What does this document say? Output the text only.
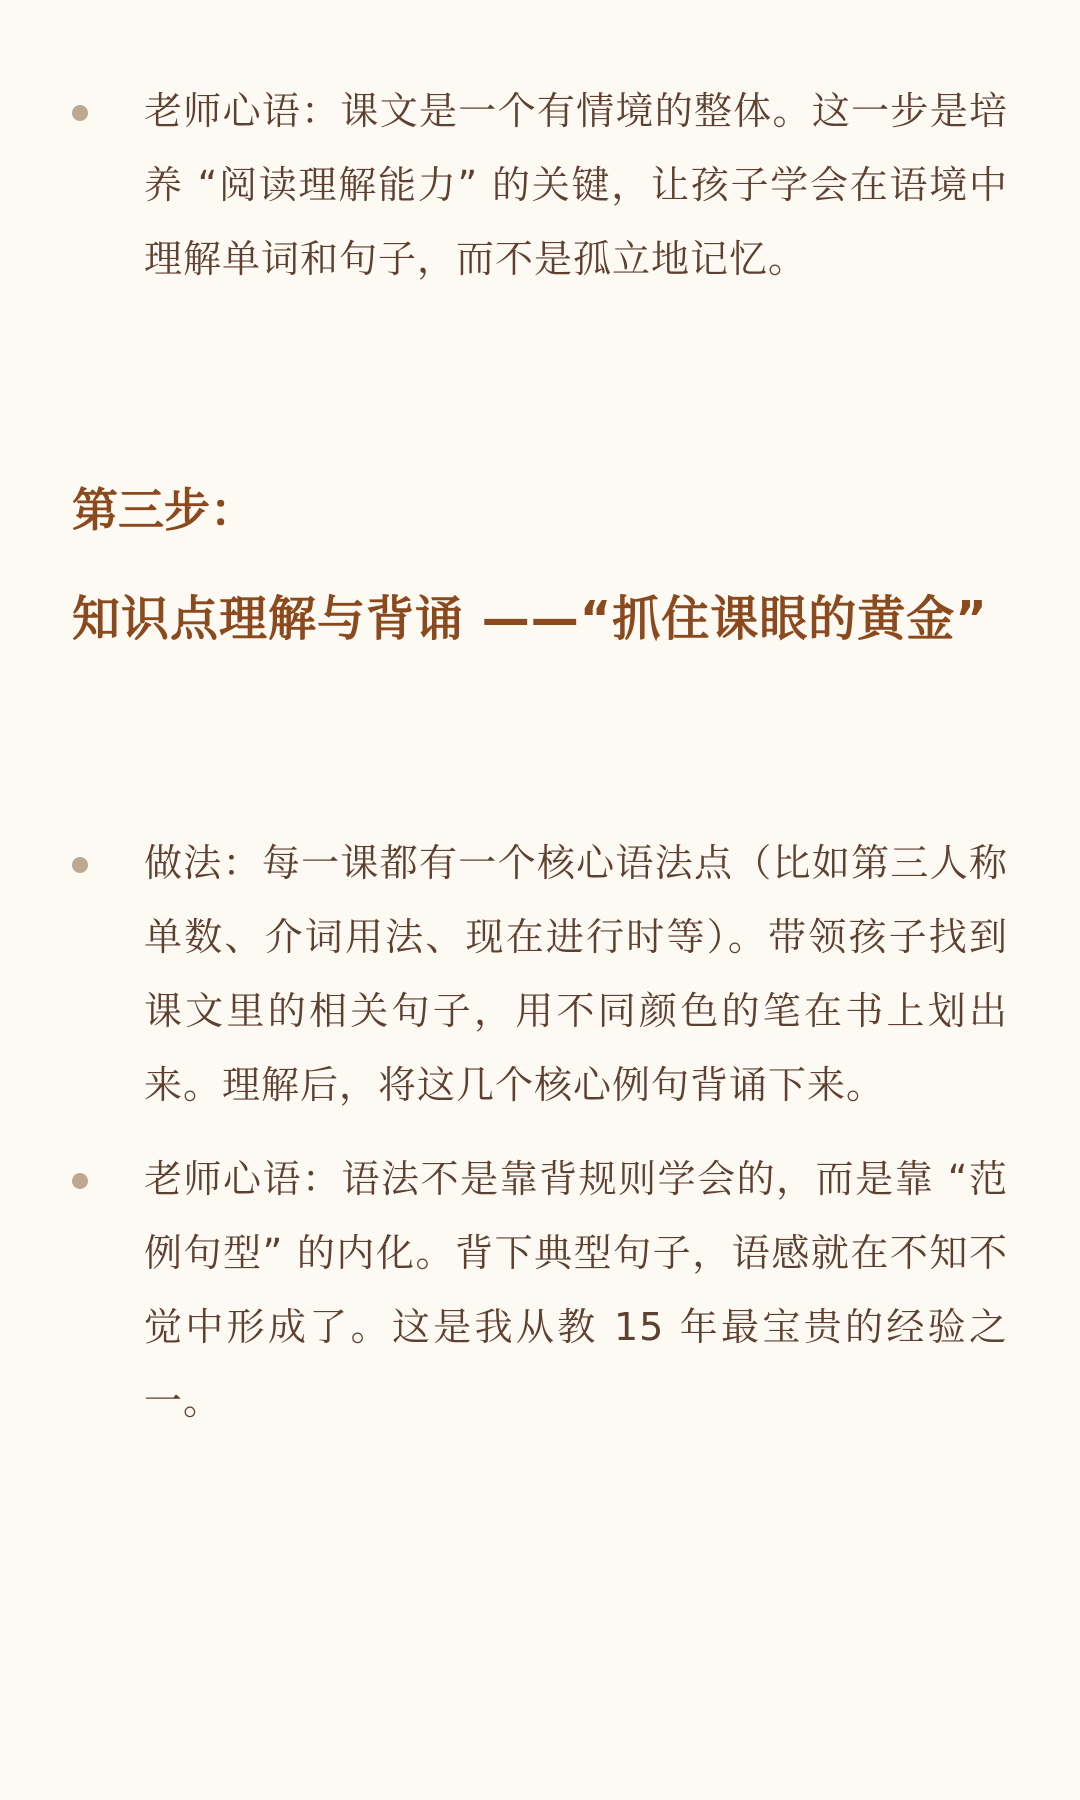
老师心语：课文是一个有情境的整体。这一步是培养 “阅读理解能力” 的关键，让孩子学会在语境中理解单词和句子，而不是孤立地记忆。
第三步：
知识点理解与背诵 ——“抓住课眼的黄金”
做法：每一课都有一个核心语法点（比如第三人称单数、介词用法、现在进行时等）。带领孩子找到课文里的相关句子，用不同颜色的笔在书上划出来。理解后，将这几个核心例句背诵下来。
老师心语：语法不是靠背规则学会的，而是靠 “范例句型” 的内化。背下典型句子，语感就在不知不觉中形成了。这是我从教 15 年最宝贵的经验之一。
